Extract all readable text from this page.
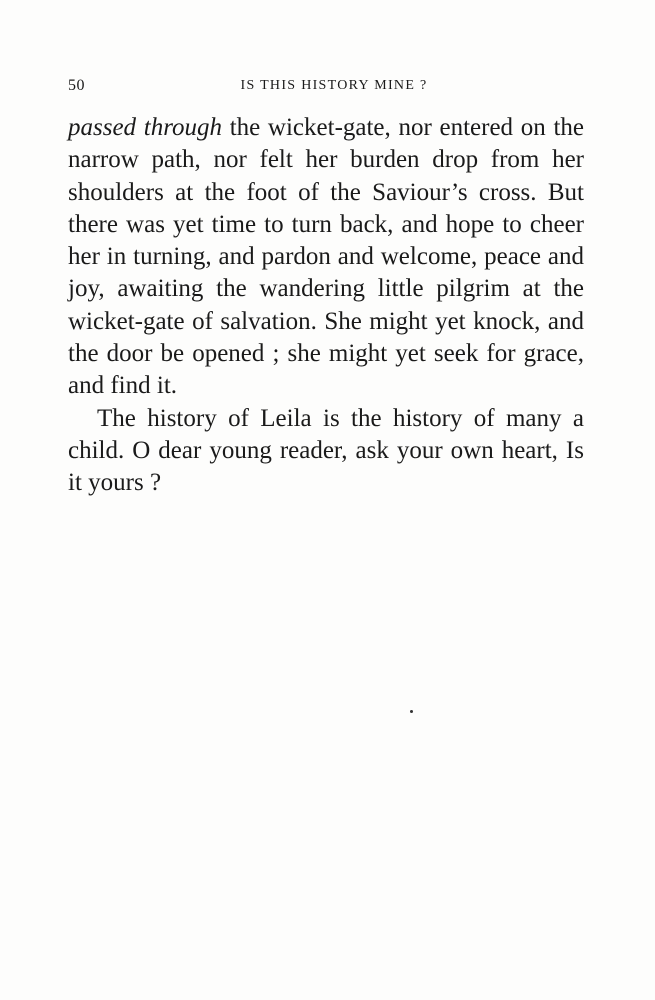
50	IS THIS HISTORY MINE ?

passed through the wicket-gate, nor entered on the narrow path, nor felt her burden drop from her shoulders at the foot of the Saviour’s cross. But there was yet time to turn back, and hope to cheer her in turning, and pardon and welcome, peace and joy, awaiting the wandering little pilgrim at the wicket-gate of salvation. She might yet knock, and the door be opened ; she might yet seek for grace, and find it.

The history of Leila is the history of many a child. O dear young reader, ask your own heart, Is it yours ?
